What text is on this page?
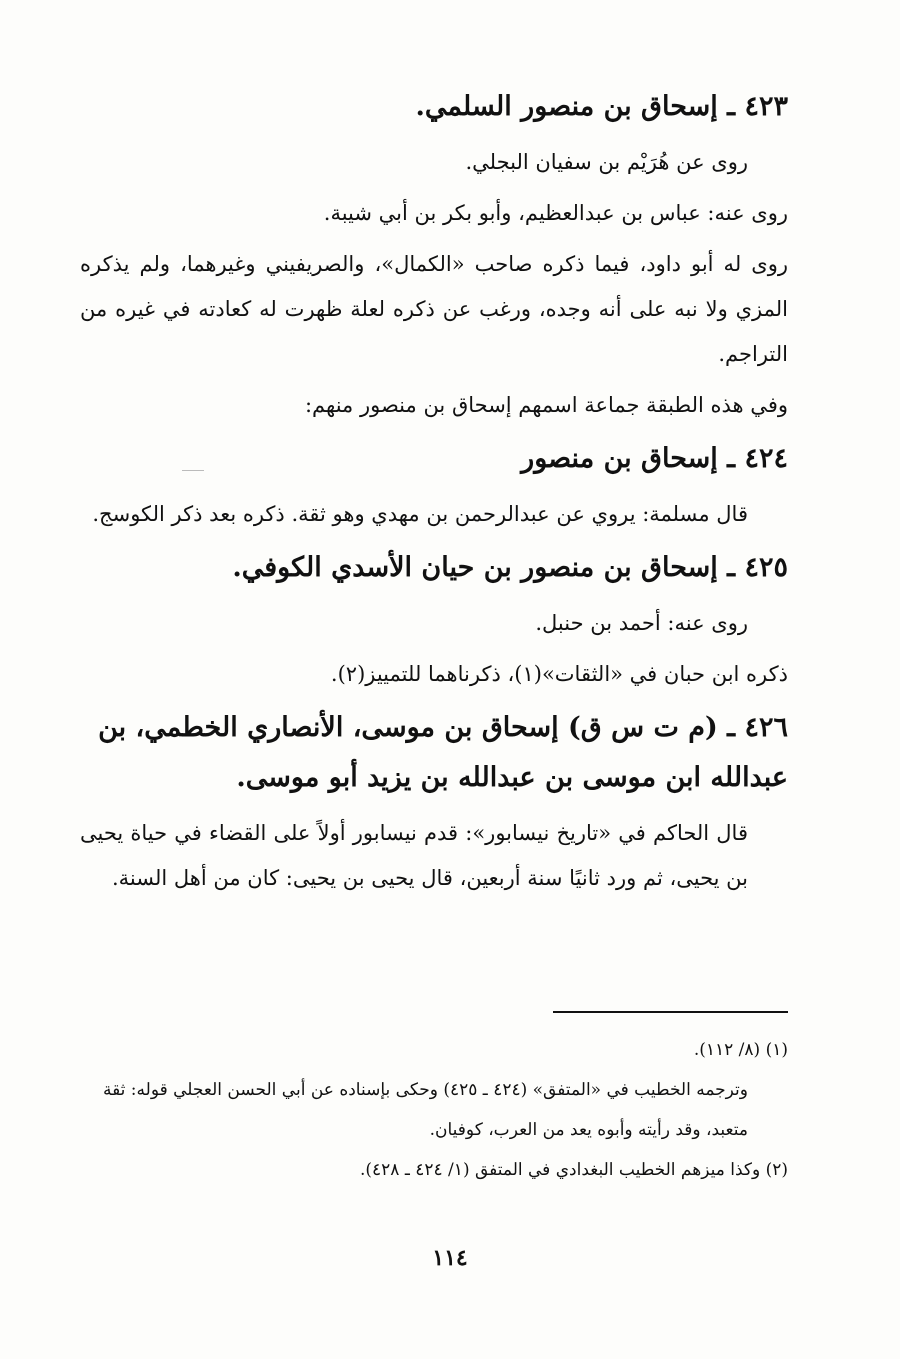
٤٢٣ ـ إسحاق بن منصور السلمي.

روى عن هُرَيْم بن سفيان البجلي.

روى عنه: عباس بن عبدالعظيم، وأبو بكر بن أبي شيبة.

روى له أبو داود، فيما ذكره صاحب «الكمال»، والصريفيني وغيرهما، ولم يذكره المزي ولا نبه على أنه وجده، ورغب عن ذكره لعلة ظهرت له كعادته في غيره من التراجم.

وفي هذه الطبقة جماعة اسمهم إسحاق بن منصور منهم:

٤٢٤ ـ إسحاق بن منصور

قال مسلمة: يروي عن عبدالرحمن بن مهدي وهو ثقة. ذكره بعد ذكر الكوسج.

٤٢٥ ـ إسحاق بن منصور بن حيان الأسدي الكوفي.

روى عنه: أحمد بن حنبل.

ذكره ابن حبان في «الثقات»(١)، ذكرناهما للتمييز(٢).

٤٢٦ ـ (م ت س ق) إسحاق بن موسى، الأنصاري الخطمي، بن عبدالله ابن موسى بن عبدالله بن يزيد أبو موسى.

قال الحاكم في «تاريخ نيسابور»: قدم نيسابور أولاً على القضاء في حياة يحيى بن يحيى، ثم ورد ثانيًا سنة أربعين، قال يحيى بن يحيى: كان من أهل السنة.

(١) (٨/ ١١٢).

وترجمه الخطيب في «المتفق» (٤٢٤ ـ ٤٢٥) وحكى بإسناده عن أبي الحسن العجلي قوله: ثقة متعبد، وقد رأيته وأبوه يعد من العرب، كوفيان.

(٢) وكذا ميزهم الخطيب البغدادي في المتفق (١/ ٤٢٤ ـ ٤٢٨).

١١٤
